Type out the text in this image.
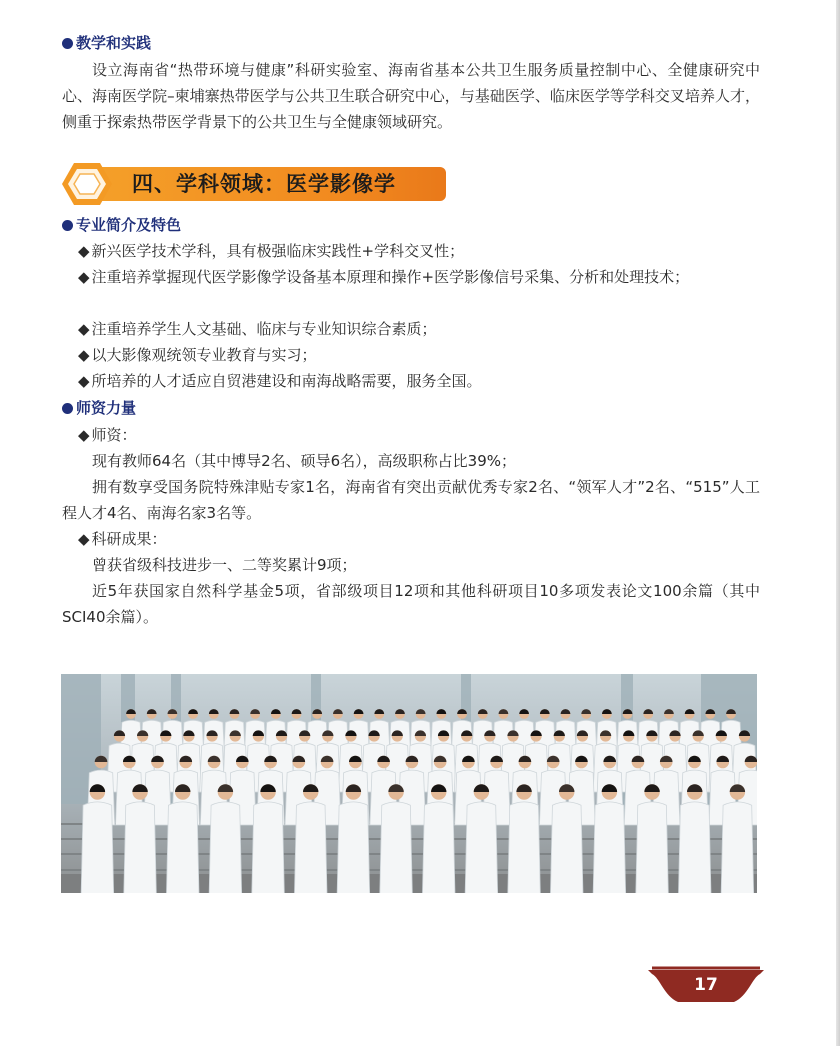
教学和实践

设立海南省“热带环境与健康”科研实验室、海南省基本公共卫生服务质量控制中心、全健康研究中心、海南医学院–柬埔寨热带医学与公共卫生联合研究中心，与基础医学、临床医学等学科交叉培养人才，侧重于探索热带医学背景下的公共卫生与全健康领域研究。

专业简介及特色

◆ 新兴医学技术学科，具有极强临床实践性+学科交叉性；

◆ 注重培养掌握现代医学影像学设备基本原理和操作+医学影像信号采集、分析和处理技术；

◆ 注重培养学生人文基础、临床与专业知识综合素质；

◆ 以大影像观统领专业教育与实习；

◆ 所培养的人才适应自贸港建设和南海战略需要，服务全国。

师资力量

◆ 师资：

现有教师64名（其中博导2名、硕导6名），高级职称占比39%；

拥有数享受国务院特殊津贴专家1名，海南省有突出贡献优秀专家2名、“领军人才”2名、“515”人工程人才4名、南海名家3名等。

◆ 科研成果：

曾获省级科技进步一、二等奖累计9项；

近5年获国家自然科学基金5项，省部级项目12项和其他科研项目10多项发表论文100余篇（其中SCI40余篇）。

四、学科领域：医学影像学
17
